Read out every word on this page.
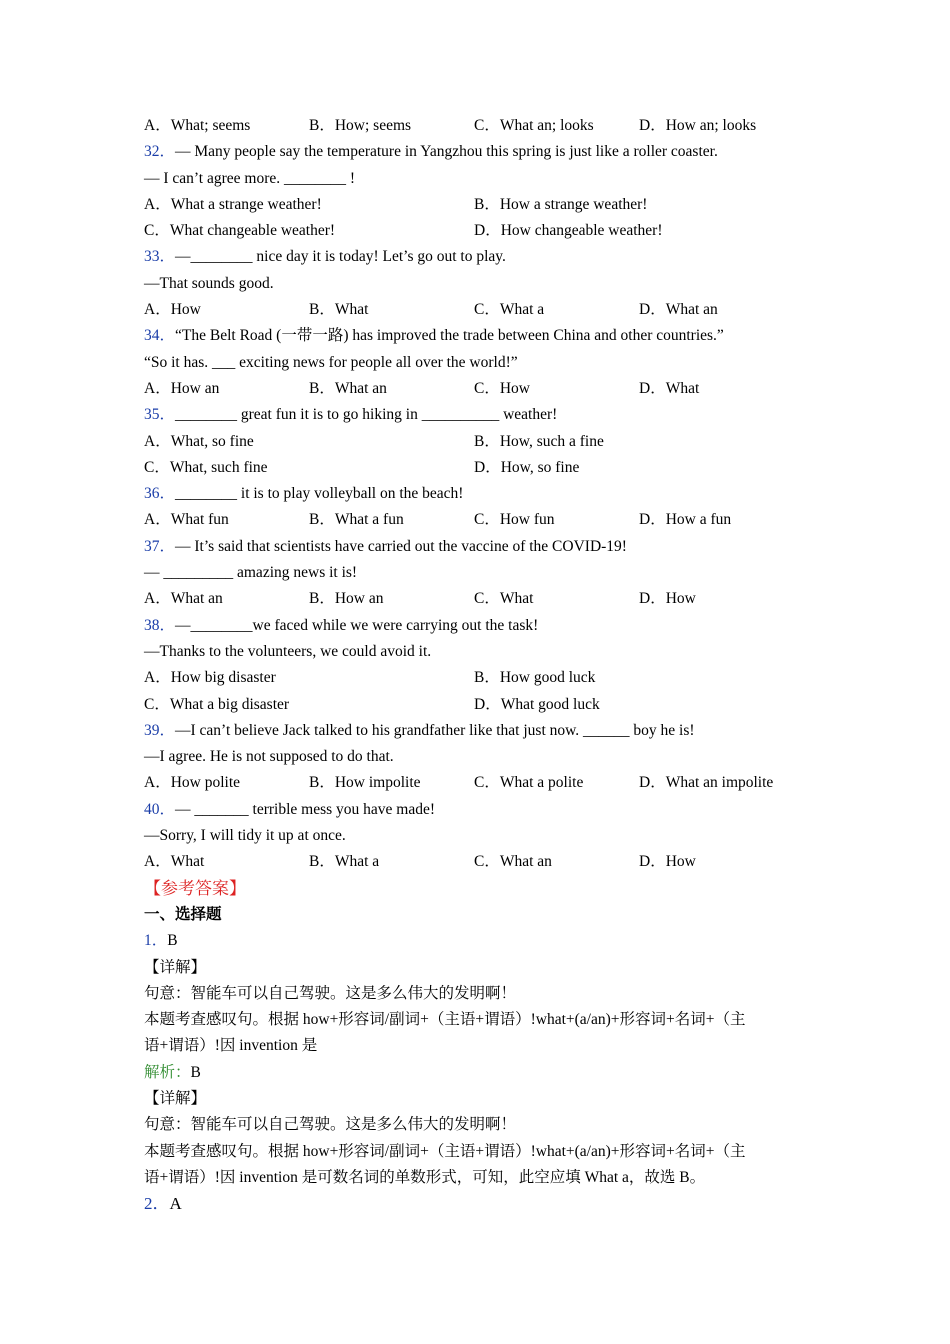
A．What; seems	B．How; seems	C．What an; looks	D．How an; looks
32．— Many people say the temperature in Yangzhou this spring is just like a roller coaster.
— I can’t agree more. ________ !
A．What a strange weather!	B．How a strange weather!
C．What changeable weather!	D．How changeable weather!
33．—________ nice day it is today! Let’s go out to play.
—That sounds good.
A．How	B．What	C．What a	D．What an
34．“The Belt Road (一带一路) has improved the trade between China and other countries.”
“So it has. ___ exciting news for people all over the world!”
A．How an	B．What an	C．How	D．What
35．________ great fun it is to go hiking in __________ weather!
A．What, so fine	B．How, such a fine
C．What, such fine	D．How, so fine
36．________ it is to play volleyball on the beach!
A．What fun	B．What a fun	C．How fun	D．How a fun
37．— It’s said that scientists have carried out the vaccine of the COVID-19!
— _________ amazing news it is!
A．What an	B．How an	C．What	D．How
38．—________we faced while we were carrying out the task!
—Thanks to the volunteers, we could avoid it.
A．How big disaster	B．How good luck
C．What a big disaster	D．What good luck
39．—I can’t believe Jack talked to his grandfather like that just now. ______ boy he is!
—I agree. He is not supposed to do that.
A．How polite	B．How impolite	C．What a polite	D．What an impolite
40．— _______ terrible mess you have made!
—Sorry, I will tidy it up at once.
A．What	B．What a	C．What an	D．How
【参考答案】
一、选择题
1．B
【详解】
句意：智能车可以自己驾驶。这是多么伟大的发明啊！
本题考查感叹句。根据 how+形容词/副词+（主语+谓语）!what+(a/an)+形容词+名词+（主
语+谓语）!因 invention 是
解析：B
【详解】
句意：智能车可以自己驾驶。这是多么伟大的发明啊！
本题考查感叹句。根据 how+形容词/副词+（主语+谓语）!what+(a/an)+形容词+名词+（主
语+谓语）!因 invention 是可数名词的单数形式，可知，此空应填 What a，故选 B。
2．A
